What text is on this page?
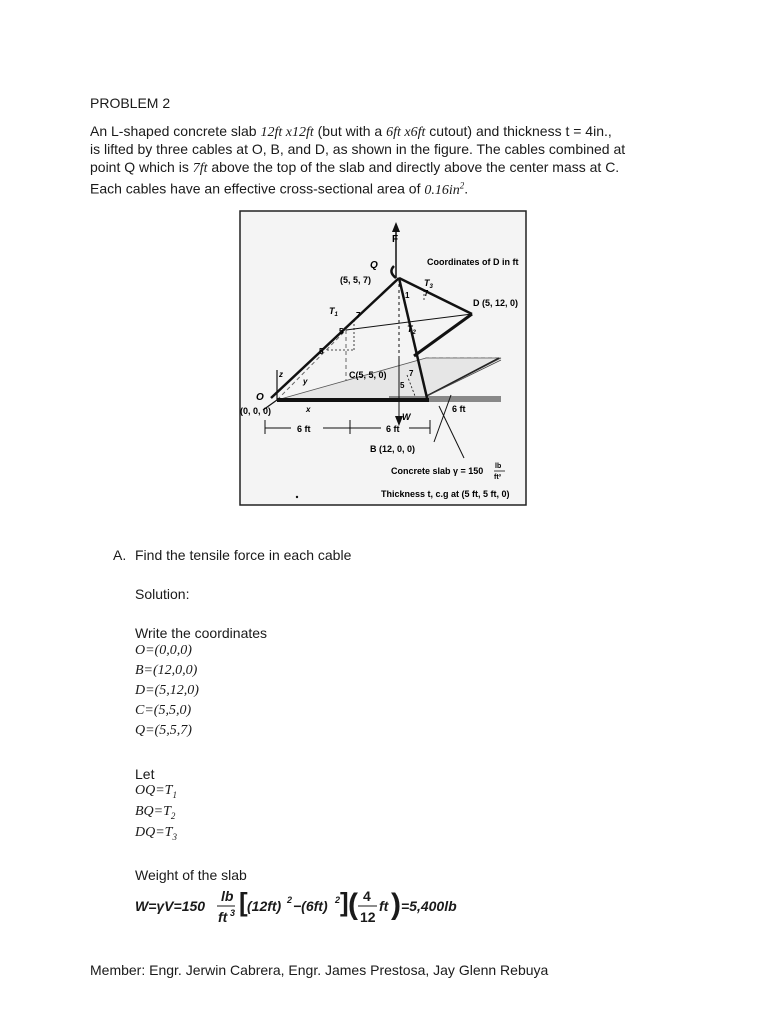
PROBLEM 2
An L-shaped concrete slab 12ft x12ft (but with a 6ft x6ft cutout) and thickness t = 4in.,
is lifted by three cables at O, B, and D, as shown in the figure. The cables combined at
point Q which is 7ft above the top of the slab and directly above the center mass at C.
Each cables have an effective cross-sectional area of $0.16in^2$.
F
Q
(5, 5, 7)
Coordinates of D in ft
$T_3$
D (5, 12, 0)
$T_1$
$T_2$
7
5
5
1 7
C(5, 5, 0)
5
7
O
(0, 0, 0)
z
y
x
W
6 ft	6 ft
6 ft
B (12, 0, 0)
Concrete slab γ = 150 lb
ft³
Thickness t, c.g at (5 ft, 5 ft, 0)
A. Find the tensile force in each cable
Solution:
Write the coordinates
O=(0,0,0)
B=(12,0,0)
D=(5,12,0)
C=(5,5,0)
Q=(5,5,7)
Let
$OQ=T_1$
$BQ=T_2$
$DQ=T_3$
Weight of the slab
W=γV=150
lb
ft 3 [ (12ft) 2 −(6ft) 2 ] ( 4
12
ft ) =5,400lb
Member: Engr. Jerwin Cabrera, Engr. James Prestosa, Jay Glenn Rebuya
